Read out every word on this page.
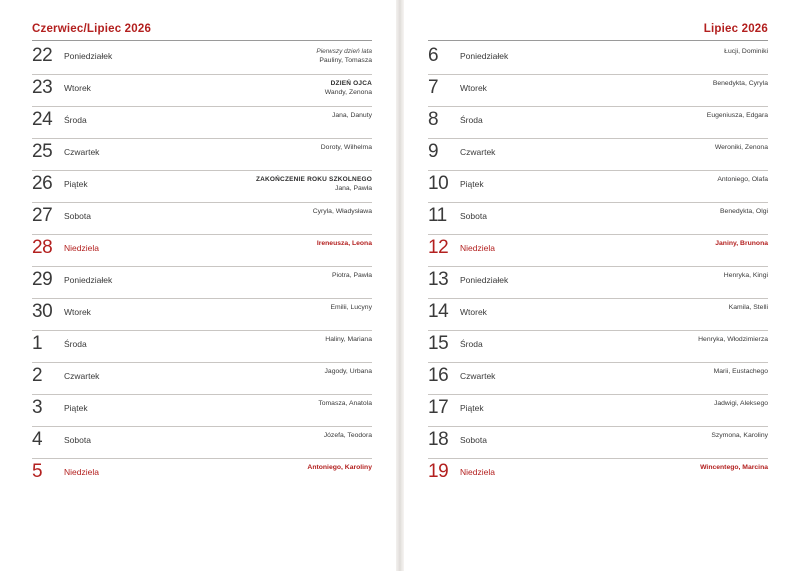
Czerwiec/Lipiec 2026
22	Poniedziałek	Pierwszy dzień lata
Pauliny, Tomasza
23	Wtorek	DZIEŃ OJCA
Wandy, Zenona
24	Środa	Jana, Danuty
25	Czwartek	Doroty, Wilhelma
26	Piątek	ZAKOŃCZENIE ROKU SZKOLNEGO
Jana, Pawła
27	Sobota	Cyryla, Władysława
28	Niedziela	Ireneusza, Leona
29	Poniedziałek	Piotra, Pawła
30	Wtorek	Emilii, Lucyny
1	Środa	Haliny, Mariana
2	Czwartek	Jagody, Urbana
3	Piątek	Tomasza, Anatola
4	Sobota	Józefa, Teodora
5	Niedziela	Antoniego, Karoliny
Lipiec 2026
6	Poniedziałek	Łucji, Dominiki
7	Wtorek	Benedykta, Cyryla
8	Środa	Eugeniusza, Edgara
9	Czwartek	Weroniki, Zenona
10	Piątek	Antoniego, Olafa
11	Sobota	Benedykta, Olgi
12	Niedziela	Janiny, Brunona
13	Poniedziałek	Henryka, Kingi
14	Wtorek	Kamila, Stelli
15	Środa	Henryka, Włodzimierza
16	Czwartek	Marii, Eustachego
17	Piątek	Jadwigi, Aleksego
18	Sobota	Szymona, Karoliny
19	Niedziela	Wincentego, Marcina
